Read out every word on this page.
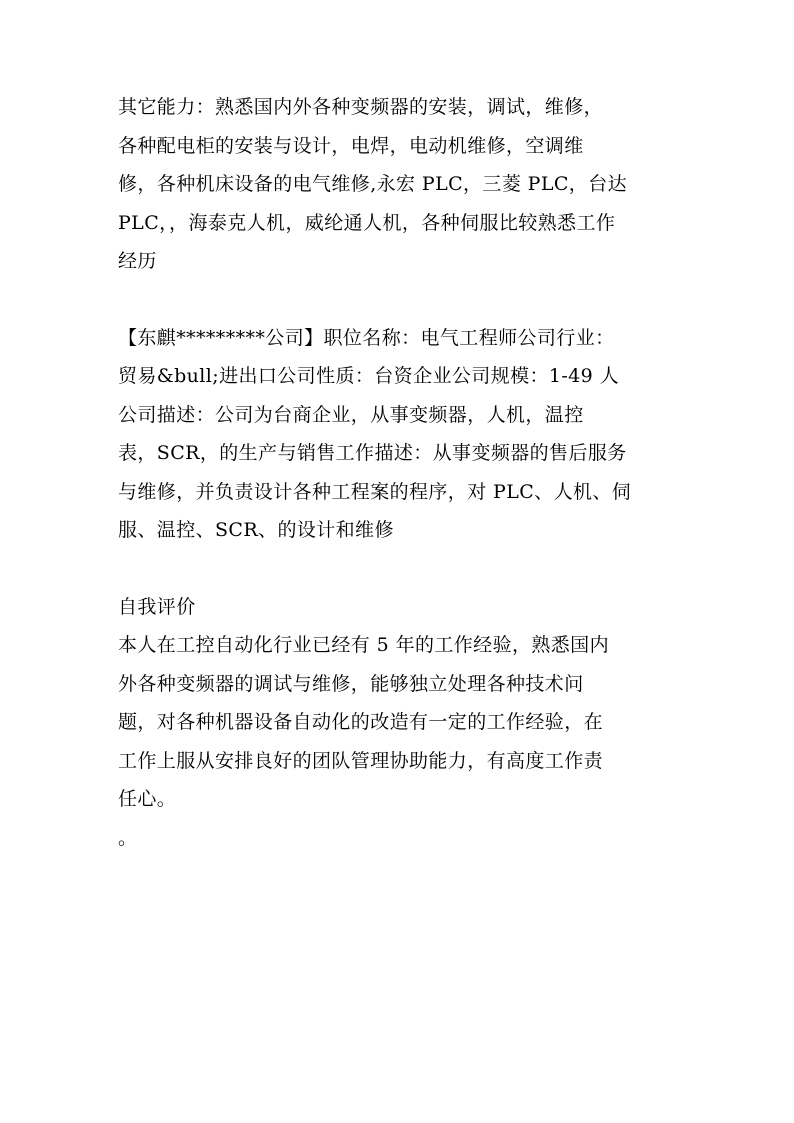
其它能力：熟悉国内外各种变频器的安装，调试，维修，
各种配电柜的安装与设计，电焊，电动机维修，空调维
修，各种机床设备的电气维修,永宏 PLC，三菱 PLC，台达
PLC，，海泰克人机，威纶通人机，各种伺服比较熟悉工作
经历
【东麒*********公司】职位名称：电气工程师公司行业：
贸易&bull;进出口公司性质：台资企业公司规模：1-49 人
公司描述：公司为台商企业，从事变频器，人机，温控
表，SCR，的生产与销售工作描述：从事变频器的售后服务
与维修，并负责设计各种工程案的程序，对 PLC、人机、伺
服、温控、SCR、的设计和维修
自我评价
本人在工控自动化行业已经有 5 年的工作经验，熟悉国内
外各种变频器的调试与维修，能够独立处理各种技术问
题，对各种机器设备自动化的改造有一定的工作经验，在
工作上服从安排良好的团队管理协助能力，有高度工作责
任心。
。
